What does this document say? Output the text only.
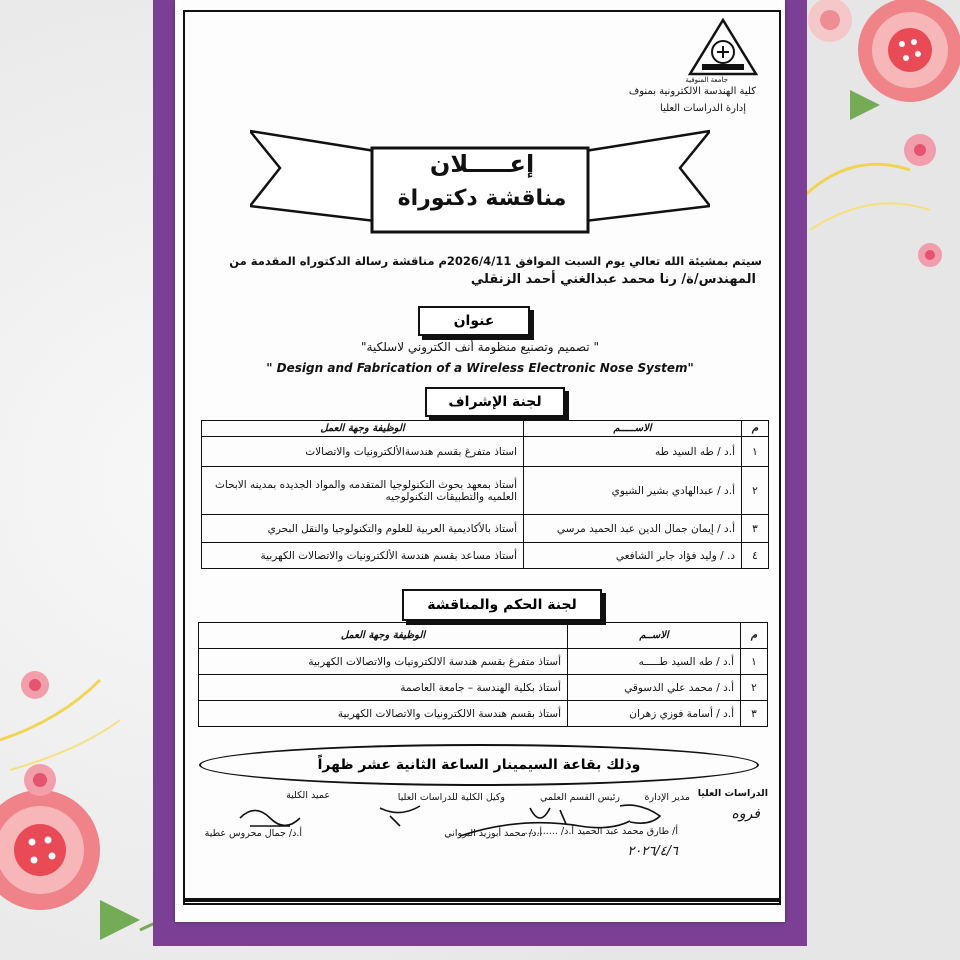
جامعة المنوفية
كلية الهندسة الالكترونية بمنوف
إدارة الدراسات العليا
إعـــــلان
مناقشة دكتوراة
سيتم بمشيئة الله تعالي يوم السبت الموافق 2026/4/11م مناقشة رسالة الدكتوراه المقدمة من
المهندس/ة/ رنا محمد عبدالغني أحمد الزنقلي
عنوان
" تصميم وتصنيع منظومة أنف الكتروني لاسلكية"
" Design and Fabrication of a Wireless Electronic Nose System"
لجنة الإشراف
م	الاســـــم	الوظيفة وجهة العمل
١	أ.د / طه السيد طه	استاذ متفرغ بقسم هندسةالألكترونيات والاتصالات
٢	أ.د / عبدالهادي بشير الشيوي	أستاذ بمعهد بحوث التكنولوجيا المتقدمه والمواد الجديده بمدينه الابحاث العلميه والتطبيقات التكنولوجيه
٣	أ.د / إيمان جمال الدين عبد الحميد مرسي	أستاذ بالأكاديمية العربية للعلوم والتكنولوجيا والنقل البحري
٤	د. / وليد فؤاد جابر الشافعي	أستاذ مساعد بقسم هندسة الألكترونيات والاتصالات الكهربية
لجنة الحكم والمناقشة
م	الاســم	الوظيفة وجهة العمل
١	أ.د / طه السيد طـــــه	أستاذ متفرغ بقسم هندسة الالكترونيات والاتصالات الكهربية
٢	أ.د / محمد علي الدسوقي	أستاذ بكلية الهندسة – جامعة العاصمة
٣	أ.د / أسامة فوزي زهران	أستاذ بقسم هندسة الالكترونيات والاتصالات الكهربية
وذلك بقاعة السيمينار الساعة الثانية عشر ظهراً
الدراسات العليا
مدير الإدارة
رئيس القسم العلمي
وكيل الكلية للدراسات العليا
عميد الكلية
فروه
أ/ طارق محمد عبد الحميد
أ.د/ ...........
أ.د/ محمد أبوزيد البرواني
أ.د/ جمال محروس عطية
٢٠٢٦/٤/٦
